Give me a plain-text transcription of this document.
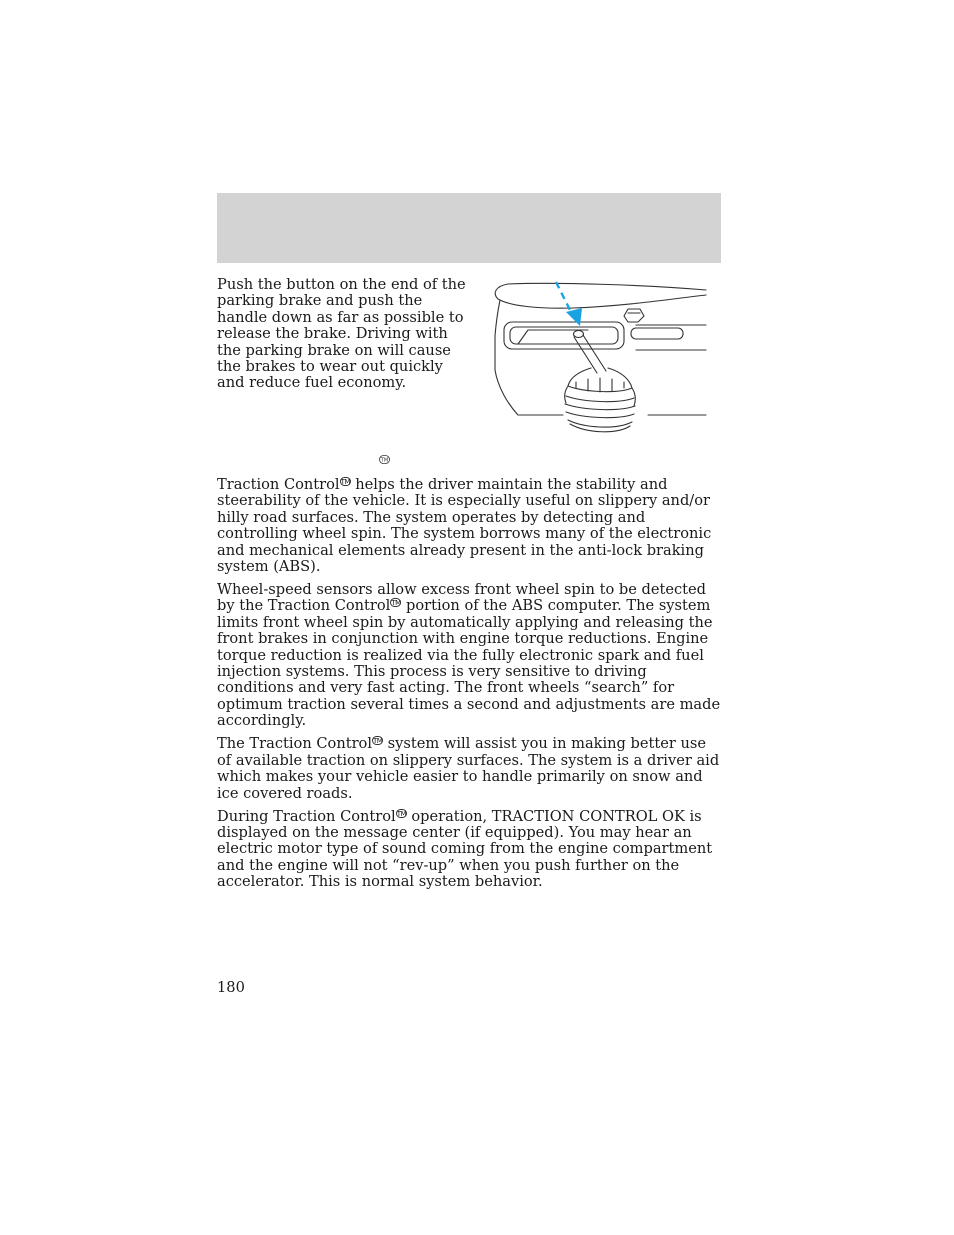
Push the button on the end of the parking brake and push the handle down as far as possible to release the brake. Driving with the parking brake on will cause the brakes to wear out quickly and reduce fuel economy.

TM

Traction ControlTM helps the driver maintain the stability and steerability of the vehicle. It is especially useful on slippery and/or hilly road surfaces. The system operates by detecting and controlling wheel spin. The system borrows many of the electronic and mechanical elements already present in the anti-lock braking system (ABS).

Wheel-speed sensors allow excess front wheel spin to be detected by the Traction ControlTM portion of the ABS computer. The system limits front wheel spin by automatically applying and releasing the front brakes in conjunction with engine torque reductions. Engine torque reduction is realized via the fully electronic spark and fuel injection systems. This process is very sensitive to driving conditions and very fast acting. The front wheels “search” for optimum traction several times a second and adjustments are made accordingly.

The Traction ControlTM system will assist you in making better use of available traction on slippery surfaces. The system is a driver aid which makes your vehicle easier to handle primarily on snow and ice covered roads.

During Traction ControlTM operation, TRACTION CONTROL OK is displayed on the message center (if equipped). You may hear an electric motor type of sound coming from the engine compartment and the engine will not “rev-up” when you push further on the accelerator. This is normal system behavior.

180
